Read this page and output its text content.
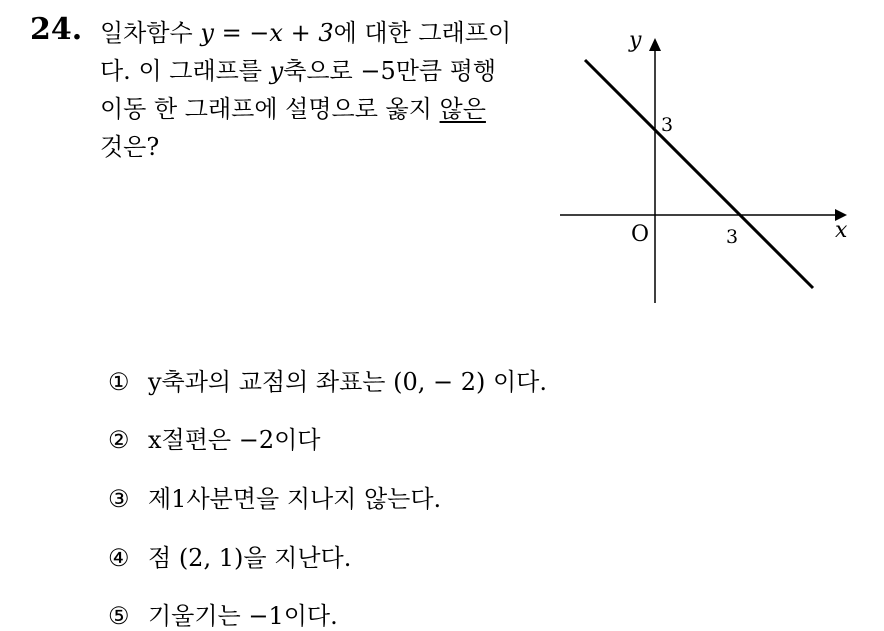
24. 일차함수 y = −x + 3에 대한 그래프이
다. 이 그래프를 y축으로 −5만큼 평행
이동 한 그래프에 설명으로 옳지 않은
것은?
y
x
O
3
3
① y축과의 교점의 좌표는 (0, − 2) 이다.
② x절편은 −2이다
③ 제1사분면을 지나지 않는다.
④ 점 (2, 1)을 지난다.
⑤ 기울기는 −1이다.
